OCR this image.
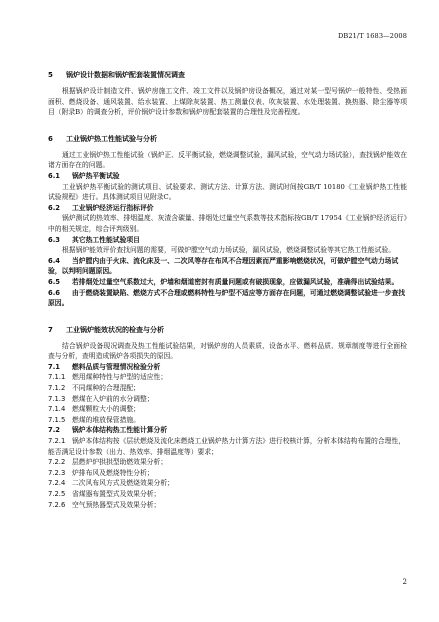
DB21/T 1683—2008
5 锅炉设计数据和锅炉配套装置情况调查
根据锅炉设计制造文件、锅炉房施工文件、竣工文件以及锅炉房设备概况，通过对某一型号锅炉一般特性、受热面面积、燃烧设备、通风装置、给水装置、上煤除灰装置、热工测量仪表、吹灰装置、水处理装置、换热器、除尘器等项目（附录B）的调查分析，评价锅炉设计参数和锅炉房配套装置的合理性及完善程度。
6 工业锅炉热工性能试验与分析
通过工业锅炉热工性能试验（锅炉正、反平衡试验，燃烧调整试验，漏风试验，空气动力场试验），查找锅炉能效在诸方面存在的问题。
6.1 锅炉热平衡试验
工业锅炉热平衡试验的测试项目、试验要求、测试方法、计算方法、测试时间按GB/T 10180《工业锅炉热工性能试验规程》进行。具体测试项目见附录C。
6.2 工业锅炉经济运行指标评价
锅炉测试的热效率、排烟温度、灰渣含碳量、排烟处过量空气系数等技术指标按GB/T 17954《工业锅炉经济运行》中的相关规定，综合评判级别。
6.3 其它热工性能试验项目
根据锅炉能效评价查找问题的需要，可做炉膛空气动力场试验，漏风试验，燃烧调整试验等其它热工性能试验。
6.4 当炉膛内由于火床、流化床及一、二次风等存在布风不合理因素而严重影响燃烧状况，可做炉膛空气动力场试验，以判明问题原因。
6.5 若排烟处过量空气系数过大，炉墙和烟道密封有质量问题或有破损现象，应做漏风试验，准确得出试验结果。
6.6 由于燃烧装置缺陷、燃烧方式不合理或燃料特性与炉型不适应等方面存在问题，可通过燃烧调整试验进一步查找原因。
7 工业锅炉能效状况的检查与分析
结合锅炉设备现况调查及热工性能试验结果，对锅炉房的人员素质、设备水平、燃料品质、规章制度等进行全面检查与分析，查明造成锅炉各项损失的原因。
7.1 燃料品质与管理情况检验分析
7.1.1 燃用煤种特性与炉型的适应性；
7.1.2 不同煤种的合理混配；
7.1.3 燃煤在入炉前的水分调整；
7.1.4 燃煤颗粒大小的调整；
7.1.5 燃煤的堆放保管措施。
7.2 锅炉本体结构热工性能计算分析
7.2.1 锅炉本体结构按《层状燃烧及流化床燃烧工业锅炉热力计算方法》进行校核计算，分析本体结构布置的合理性，能否满足设计参数（出力、热效率、排烟温度等）要求；
7.2.2 层燃炉炉拱拱型助燃效果分析；
7.2.3 炉排布风及燃烧特性分析；
7.2.4 二次风布风方式及燃烧效果分析；
7.2.5 省煤器布置型式及效果分析；
7.2.6 空气预热器型式及效果分析；
2
